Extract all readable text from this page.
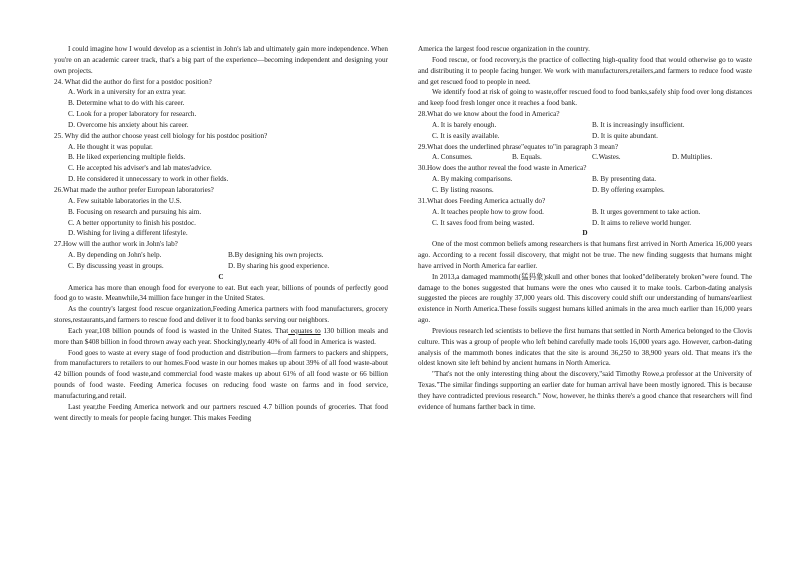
I could imagine how I would develop as a scientist in John's lab and ultimately gain more independence. When you're on an academic career track, that's a big part of the experience—becoming independent and designing your own projects.

24. What did the author do first for a postdoc position?

A. Work in a university for an extra year.

B. Determine what to do with his career.

C. Look for a proper laboratory for research.

D. Overcome his anxiety about his career.

25. Why did the author choose yeast cell biology for his postdoc position?

A. He thought it was popular.

B. He liked experiencing multiple fields.

C. He accepted his adviser's and lab mates'advice.

D. He considered it unnecessary to work in other fields.

26.What made the author prefer European laboratories?

A. Few suitable laboratories in the U.S.

B. Focusing on research and pursuing his aim.

C. A better opportunity to finish his postdoc.

D. Wishing for living a different lifestyle.

27.How will the author work in John's lab?

A. By depending on John's help.	B.By designing his own projects.
C. By discussing yeast in groups.	D. By sharing his good experience.

C

America has more than enough food for everyone to eat. But each year, billions of pounds of perfectly good food go to waste. Meanwhile,34 million face hunger in the United States.

As the country's largest food rescue organization,Feeding America partners with food manufacturers, grocery stores,restaurants,and farmers to rescue food and deliver it to food banks serving our neighbors.

Each year,108 billion pounds of food is wasted in the United States. That equates to 130 billion meals and more than $408 billion in food thrown away each year. Shockingly,nearly 40% of all food in America is wasted.

Food goes to waste at every stage of food production and distribution—from farmers to packers and shippers, from manufacturers to retailers to our homes.Food waste in our homes makes up about 39% of all food waste-about 42 billion pounds of food waste,and commercial food waste makes up about 61% of all food waste or 66 billion pounds of food waste. Feeding America focuses on reducing food waste on farms and in food service, manufacturing,and retail.

Last year,the Feeding America network and our partners rescued 4.7 billion pounds of groceries. That food went directly to meals for people facing hunger. This makes Feeding

America the largest food rescue organization in the country.

Food rescue, or food recovery,is the practice of collecting high-quality food that would otherwise go to waste and distributing it to people facing hunger. We work with manufacturers,retailers,and farmers to reduce food waste and get rescued food to people in need.

We identify food at risk of going to waste,offer rescued food to food banks,safely ship food over long distances and keep food fresh longer once it reaches a food bank.

28.What do we know about the food in America?

A. It is barely enough.	B. It is increasingly insufficient.
C. It is easily available.	D. It is quite abundant.

29.What does the underlined phrase"equates to"in paragraph 3 mean?

A. Consumes.	B. Equals.	C.Wastes.	D. Multiplies.

30.How does the author reveal the food waste in America?

A. By making comparisons.	B. By presenting data.
C. By listing reasons.	D. By offering examples.

31.What does Feeding America actually do?

A. It teaches people how to grow food.	B. It urges government to take action.
C. It saves food from being wasted.	D. It aims to relieve world hunger.

D

One of the most common beliefs among researchers is that humans first arrived in North America 16,000 years ago. According to a recent fossil discovery, that might not be true. The new finding suggests that humans might have arrived in North America far earlier.

In 2013,a damaged mammoth(猛犸象)skull and other bones that looked"deliberately broken"were found. The damage to the bones suggested that humans were the ones who caused it to make tools. Carbon-dating analysis suggested the pieces are roughly 37,000 years old. This discovery could shift our understanding of humans'earliest existence in North America.These fossils suggest humans killed animals in the area much earlier than 16,000 years ago.

Previous research led scientists to believe the first humans that settled in North America belonged to the Clovis culture. This was a group of people who left behind carefully made tools 16,000 years ago. However, carbon-dating analysis of the mammoth bones indicates that the site is around 36,250 to 38,900 years old. That means it's the oldest known site left behind by ancient humans in North America.

"That's not the only interesting thing about the discovery,"said Timothy Rowe,a professor at the University of Texas."The similar findings supporting an earlier date for human arrival have been mostly ignored. This is because they have contradicted previous research." Now, however, he thinks there's a good chance that researchers will find evidence of humans farther back in time.
